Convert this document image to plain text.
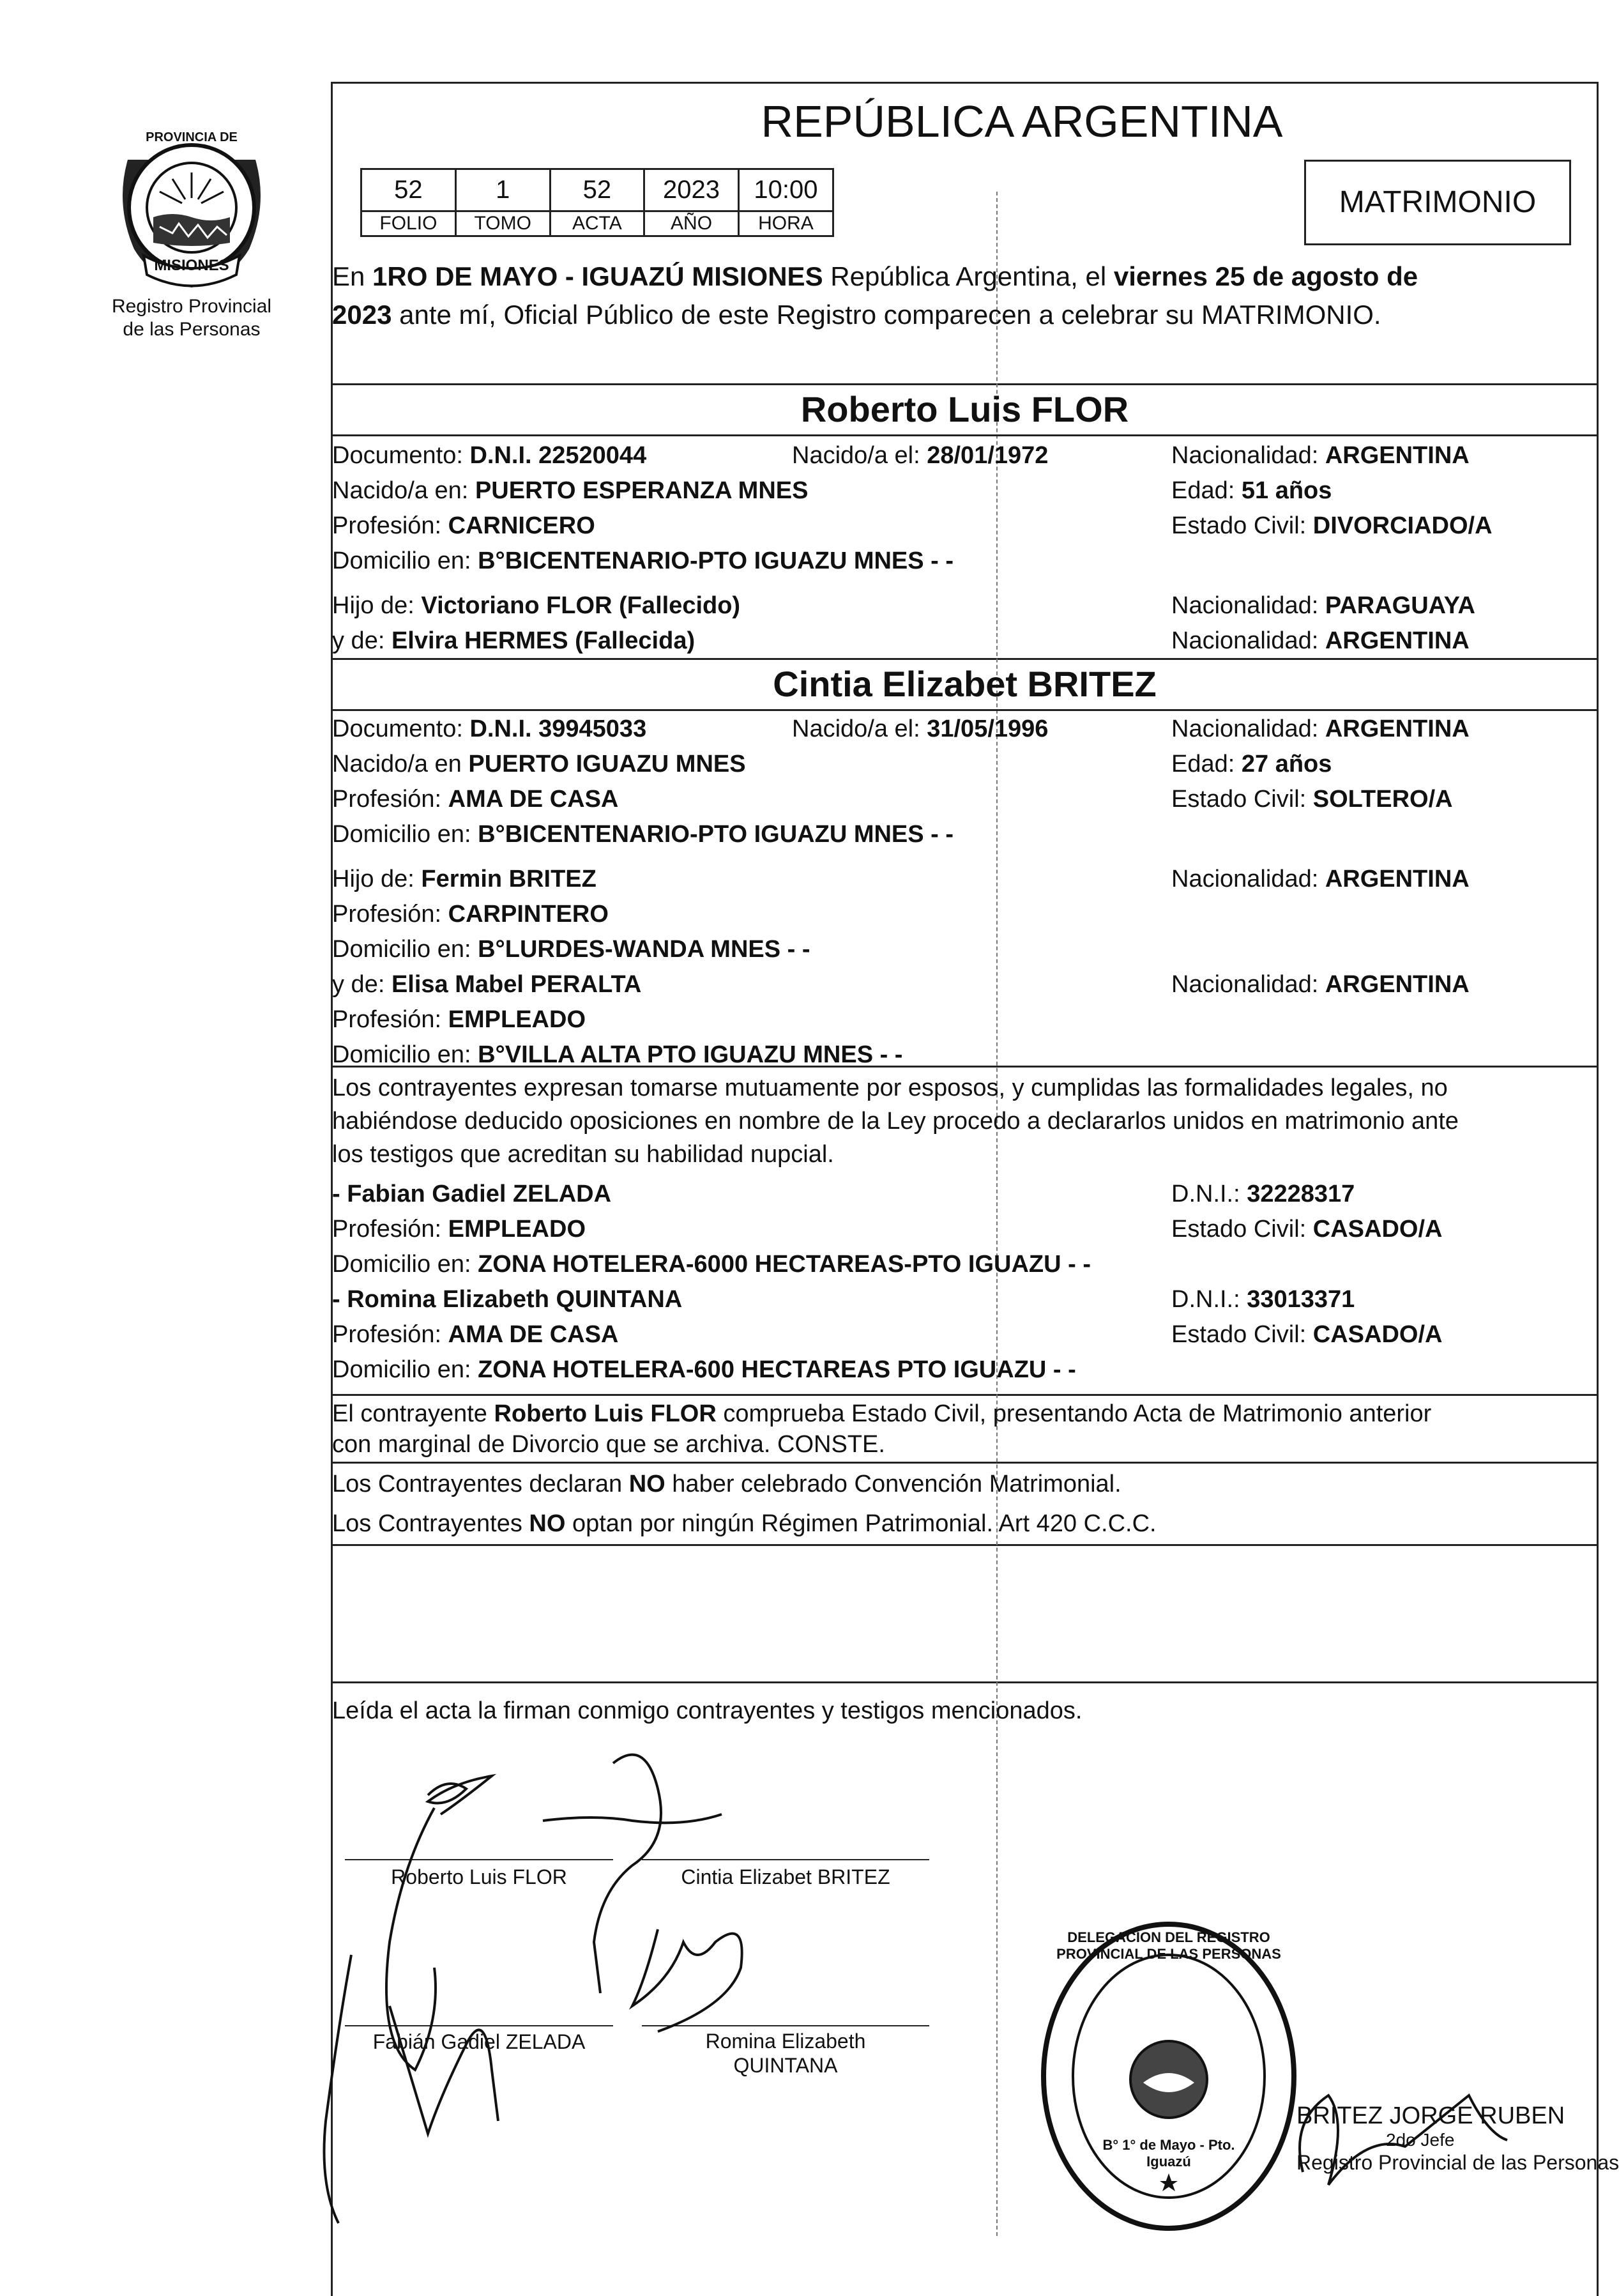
PROVINCIA DE
MISIONES
Registro Provincial
de las Personas
REPÚBLICA ARGENTINA
52	1	52	2023	10:00
FOLIO	TOMO	ACTA	AÑO	HORA
MATRIMONIO
En 1RO DE MAYO - IGUAZÚ MISIONES República Argentina, el viernes 25 de agosto de
2023 ante mí, Oficial Público de este Registro comparecen a celebrar su MATRIMONIO.
Roberto Luis FLOR
Documento: D.N.I. 22520044	Nacido/a el: 28/01/1972	Nacionalidad: ARGENTINA
Nacido/a en: PUERTO ESPERANZA MNES	Edad: 51 años
Profesión: CARNICERO	Estado Civil: DIVORCIADO/A
Domicilio en: B°BICENTENARIO-PTO IGUAZU MNES - -
Hijo de: Victoriano FLOR (Fallecido)	Nacionalidad: PARAGUAYA
y de: Elvira HERMES (Fallecida)	Nacionalidad: ARGENTINA
Cintia Elizabet BRITEZ
Documento: D.N.I. 39945033	Nacido/a el: 31/05/1996	Nacionalidad: ARGENTINA
Nacido/a en PUERTO IGUAZU MNES	Edad: 27 años
Profesión: AMA DE CASA	Estado Civil: SOLTERO/A
Domicilio en: B°BICENTENARIO-PTO IGUAZU MNES - -
Hijo de: Fermin BRITEZ	Nacionalidad: ARGENTINA
Profesión: CARPINTERO
Domicilio en: B°LURDES-WANDA MNES - -
y de: Elisa Mabel PERALTA	Nacionalidad: ARGENTINA
Profesión: EMPLEADO
Domicilio en: B°VILLA ALTA PTO IGUAZU MNES - -
Los contrayentes expresan tomarse mutuamente por esposos, y cumplidas las formalidades legales, no
habiéndose deducido oposiciones en nombre de la Ley procedo a declararlos unidos en matrimonio ante
los testigos que acreditan su habilidad nupcial.
- Fabian Gadiel ZELADA	D.N.I.: 32228317
Profesión: EMPLEADO	Estado Civil: CASADO/A
Domicilio en: ZONA HOTELERA-6000 HECTAREAS-PTO IGUAZU - -
- Romina Elizabeth QUINTANA	D.N.I.: 33013371
Profesión: AMA DE CASA	Estado Civil: CASADO/A
Domicilio en: ZONA HOTELERA-600 HECTAREAS PTO IGUAZU - -
El contrayente Roberto Luis FLOR comprueba Estado Civil, presentando Acta de Matrimonio anterior
con marginal de Divorcio que se archiva. CONSTE.
Los Contrayentes declaran NO haber celebrado Convención Matrimonial.
Los Contrayentes NO optan por ningún Régimen Patrimonial. Art 420 C.C.C.
Leída el acta la firman conmigo contrayentes y testigos mencionados.
Roberto Luis FLOR	Cintia Elizabet BRITEZ
Fabián Gadiel ZELADA	Romina Elizabeth
QUINTANA
DELEGACION DEL REGISTRO PROVINCIAL DE LAS PERSONAS
B° 1° de Mayo - Pto. Iguazú
BRITEZ JORGE RUBEN
2do Jefe
Registro Provincial de las Personas
